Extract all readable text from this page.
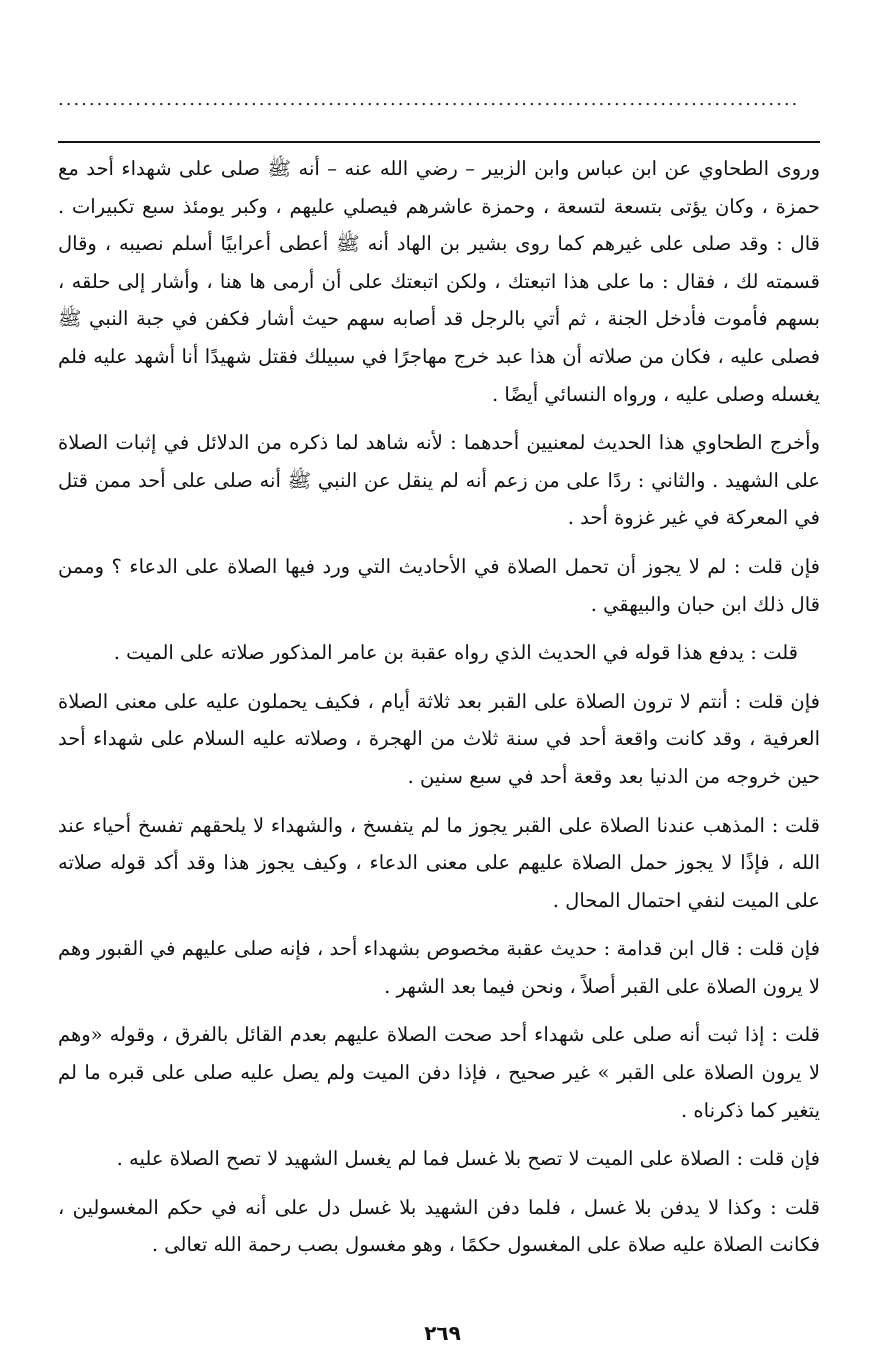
................................................................................................

وروى الطحاوي عن ابن عباس وابن الزبير – رضي الله عنه – أنه ﷺ صلى على شهداء أحد مع حمزة ، وكان يؤتى بتسعة لتسعة ، وحمزة عاشرهم فيصلي عليهم ، وكبر يومئذ سبع تكبيرات . قال : وقد صلى على غيرهم كما روى بشير بن الهاد أنه ﷺ أعطى أعرابيًا أسلم نصيبه ، وقال قسمته لك ، فقال : ما على هذا اتبعتك ، ولكن اتبعتك على أن أرمى ها هنا ، وأشار إلى حلقه ، بسهم فأموت فأدخل الجنة ، ثم أتي بالرجل قد أصابه سهم حيث أشار فكفن في جبة النبي ﷺ فصلى عليه ، فكان من صلاته أن هذا عبد خرج مهاجرًا في سبيلك فقتل شهيدًا أنا أشهد عليه فلم يغسله وصلى عليه ، ورواه النسائي أيضًا .

وأخرج الطحاوي هذا الحديث لمعنيين أحدهما : لأنه شاهد لما ذكره من الدلائل في إثبات الصلاة على الشهيد . والثاني : ردًا على من زعم أنه لم ينقل عن النبي ﷺ أنه صلى على أحد ممن قتل في المعركة في غير غزوة أحد .

فإن قلت : لم لا يجوز أن تحمل الصلاة في الأحاديث التي ورد فيها الصلاة على الدعاء ؟ وممن قال ذلك ابن حبان والبيهقي .

قلت : يدفع هذا قوله في الحديث الذي رواه عقبة بن عامر المذكور صلاته على الميت .

فإن قلت : أنتم لا ترون الصلاة على القبر بعد ثلاثة أيام ، فكيف يحملون عليه على معنى الصلاة العرفية ، وقد كانت واقعة أحد في سنة ثلاث من الهجرة ، وصلاته عليه السلام على شهداء أحد حين خروجه من الدنيا بعد وقعة أحد في سبع سنين .

قلت : المذهب عندنا الصلاة على القبر يجوز ما لم يتفسخ ، والشهداء لا يلحقهم تفسخ أحياء عند الله ، فإذًا لا يجوز حمل الصلاة عليهم على معنى الدعاء ، وكيف يجوز هذا وقد أكد قوله صلاته على الميت لنفي احتمال المحال .

فإن قلت : قال ابن قدامة : حديث عقبة مخصوص بشهداء أحد ، فإنه صلى عليهم في القبور وهم لا يرون الصلاة على القبر أصلاً ، ونحن فيما بعد الشهر .

قلت : إذا ثبت أنه صلى على شهداء أحد صحت الصلاة عليهم بعدم القائل بالفرق ، وقوله «وهم لا يرون الصلاة على القبر » غير صحيح ، فإذا دفن الميت ولم يصل عليه صلى على قبره ما لم يتغير كما ذكرناه .

فإن قلت : الصلاة على الميت لا تصح بلا غسل فما لم يغسل الشهيد لا تصح الصلاة عليه .

قلت : وكذا لا يدفن بلا غسل ، فلما دفن الشهيد بلا غسل دل على أنه في حكم المغسولين ، فكانت الصلاة عليه صلاة على المغسول حكمًا ، وهو مغسول بصب رحمة الله تعالى .

٢٦٩
